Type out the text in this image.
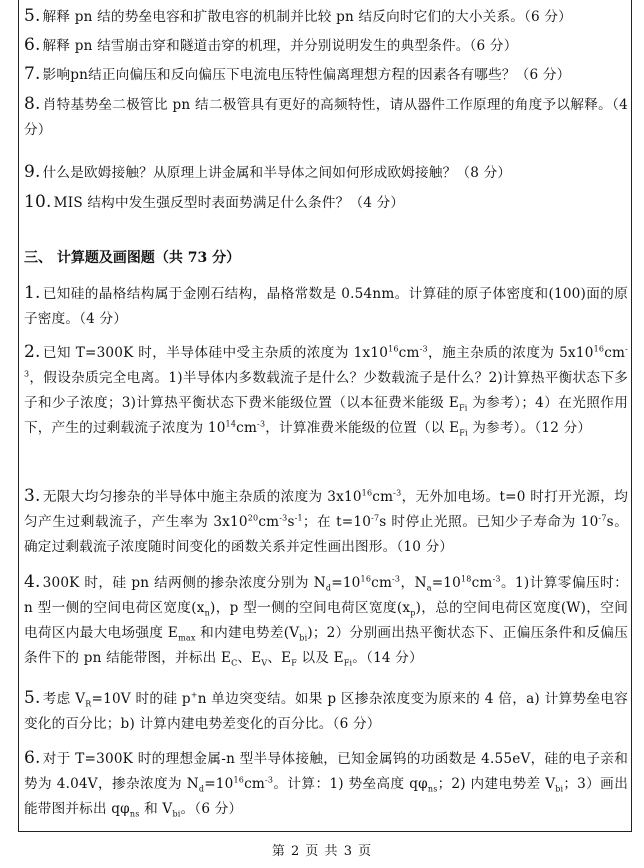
5. 解释 pn 结的势垒电容和扩散电容的机制并比较 pn 结反向时它们的大小关系。（6 分）
6. 解释 pn 结雪崩击穿和隧道击穿的机理，并分别说明发生的典型条件。（6 分）
7. 影响pn结正向偏压和反向偏压下电流电压特性偏离理想方程的因素各有哪些？（6 分）
8. 肖特基势垒二极管比 pn 结二极管具有更好的高频特性，请从器件工作原理的角度予以解释。（4 分）
9. 什么是欧姆接触？从原理上讲金属和半导体之间如何形成欧姆接触？（8 分）
10. MIS 结构中发生强反型时表面势满足什么条件？（4 分）
三、 计算题及画图题（共 73 分）
1. 已知硅的晶格结构属于金刚石结构，晶格常数是 0.54nm。计算硅的原子体密度和(100)面的原子密度。（4 分）
2. 已知 T=300K 时，半导体硅中受主杂质的浓度为 $1x10^{16}cm^{-3}$，施主杂质的浓度为 $5x10^{16}cm^{-3}$，假设杂质完全电离。1)半导体内多数载流子是什么？少数载流子是什么？2)计算热平衡状态下多子和少子浓度；3)计算热平衡状态下费米能级位置（以本征费米能级 $E_{Fi}$ 为参考）；4）在光照作用下，产生的过剩载流子浓度为 $10^{14}cm^{-3}$，计算准费米能级的位置（以 $E_{Fi}$ 为参考）。（12 分）
3. 无限大均匀掺杂的半导体中施主杂质的浓度为 $3x10^{16}cm^{-3}$，无外加电场。t=0 时打开光源，均匀产生过剩载流子，产生率为 $3x10^{20}cm^{-3}s^{-1}$；在 $t=10^{-7}s$ 时停止光照。已知少子寿命为 $10^{-7}s$。确定过剩载流子浓度随时间变化的函数关系并定性画出图形。（10 分）
4. 300K 时，硅 pn 结两侧的掺杂浓度分别为 $N_d=10^{16}cm^{-3}$，$N_a=10^{18}cm^{-3}$。1)计算零偏压时：n 型一侧的空间电荷区宽度$(x_n)$，p 型一侧的空间电荷区宽度$(x_p)$，总的空间电荷区宽度(W)，空间电荷区内最大电场强度 $E_{max}$ 和内建电势差$(V_{bi})$；2）分别画出热平衡状态下、正偏压条件和反偏压条件下的 pn 结能带图，并标出 $E_C$、$E_V$、$E_F$ 以及 $E_{Fi}$。（14 分）
5. 考虑 $V_R=10V$ 时的硅 p+n 单边突变结。如果 p 区掺杂浓度变为原来的 4 倍，a) 计算势垒电容变化的百分比；b) 计算内建电势差变化的百分比。（6 分）
6. 对于 T=300K 时的理想金属-n 型半导体接触，已知金属钨的功函数是 4.55eV，硅的电子亲和势为 4.04V，掺杂浓度为 $N_d=10^{16}cm^{-3}$。计算：1) 势垒高度 $q\varphi_{ns}$；2) 内建电势差 $V_{bi}$；3）画出能带图并标出 $q\varphi_{ns}$ 和 $V_{bi}$。（6 分）
第 2 页 共 3 页
